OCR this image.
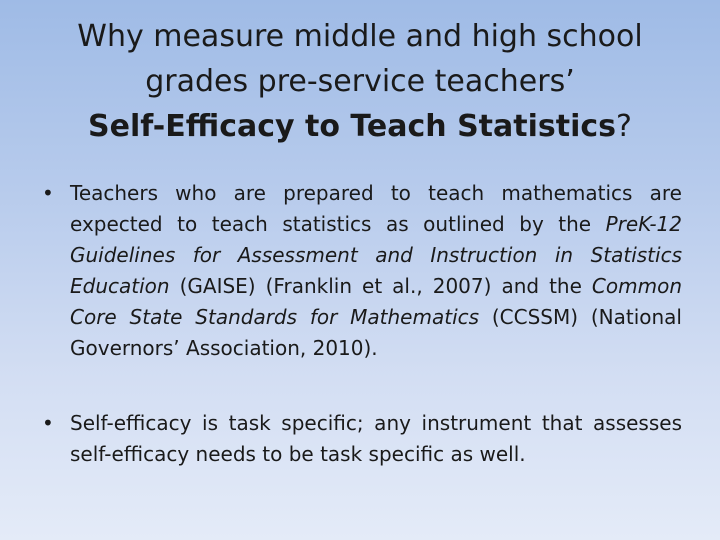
Why measure middle and high school
grades pre-service teachers’
Self-Efficacy to Teach Statistics?
• Teachers who are prepared to teach mathematics are expected to teach statistics as outlined by the PreK-12 Guidelines for Assessment and Instruction in Statistics Education (GAISE) (Franklin et al., 2007) and the Common Core State Standards for Mathematics (CCSSM) (National Governors’ Association, 2010).
• Self-efficacy is task specific; any instrument that assesses self-efficacy needs to be task specific as well.
